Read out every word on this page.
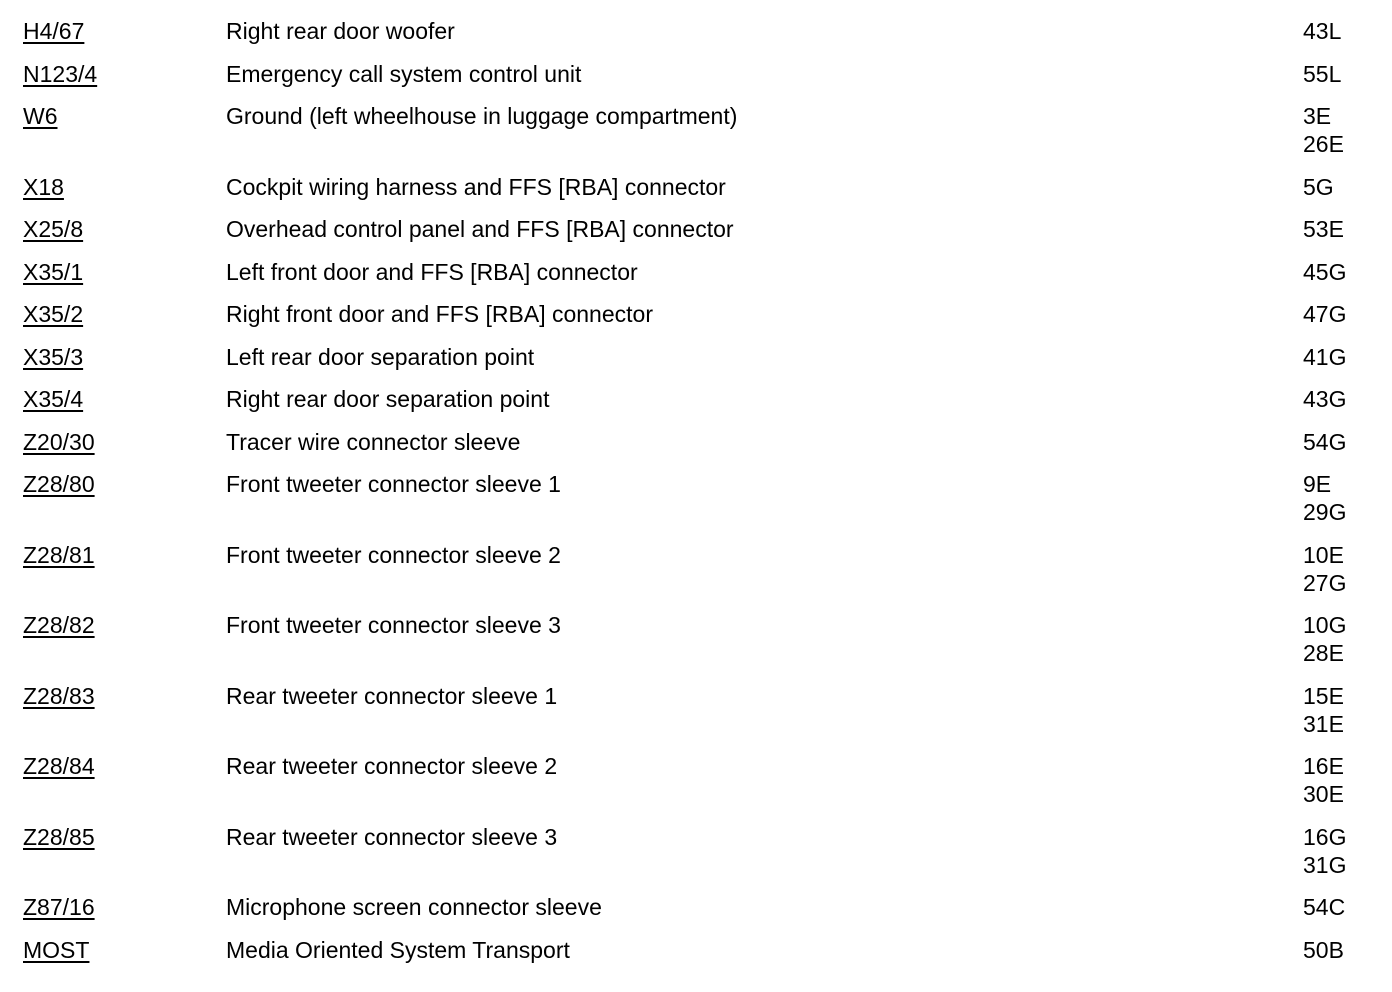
H4/67	Right rear door woofer	43L
N123/4	Emergency call system control unit	55L
W6	Ground (left wheelhouse in luggage compartment)	3E
26E
X18	Cockpit wiring harness and FFS [RBA] connector	5G
X25/8	Overhead control panel and FFS [RBA] connector	53E
X35/1	Left front door and FFS [RBA] connector	45G
X35/2	Right front door and FFS [RBA] connector	47G
X35/3	Left rear door separation point	41G
X35/4	Right rear door separation point	43G
Z20/30	Tracer wire connector sleeve	54G
Z28/80	Front tweeter connector sleeve 1	9E
29G
Z28/81	Front tweeter connector sleeve 2	10E
27G
Z28/82	Front tweeter connector sleeve 3	10G
28E
Z28/83	Rear tweeter connector sleeve 1	15E
31E
Z28/84	Rear tweeter connector sleeve 2	16E
30E
Z28/85	Rear tweeter connector sleeve 3	16G
31G
Z87/16	Microphone screen connector sleeve	54C
MOST	Media Oriented System Transport	50B
